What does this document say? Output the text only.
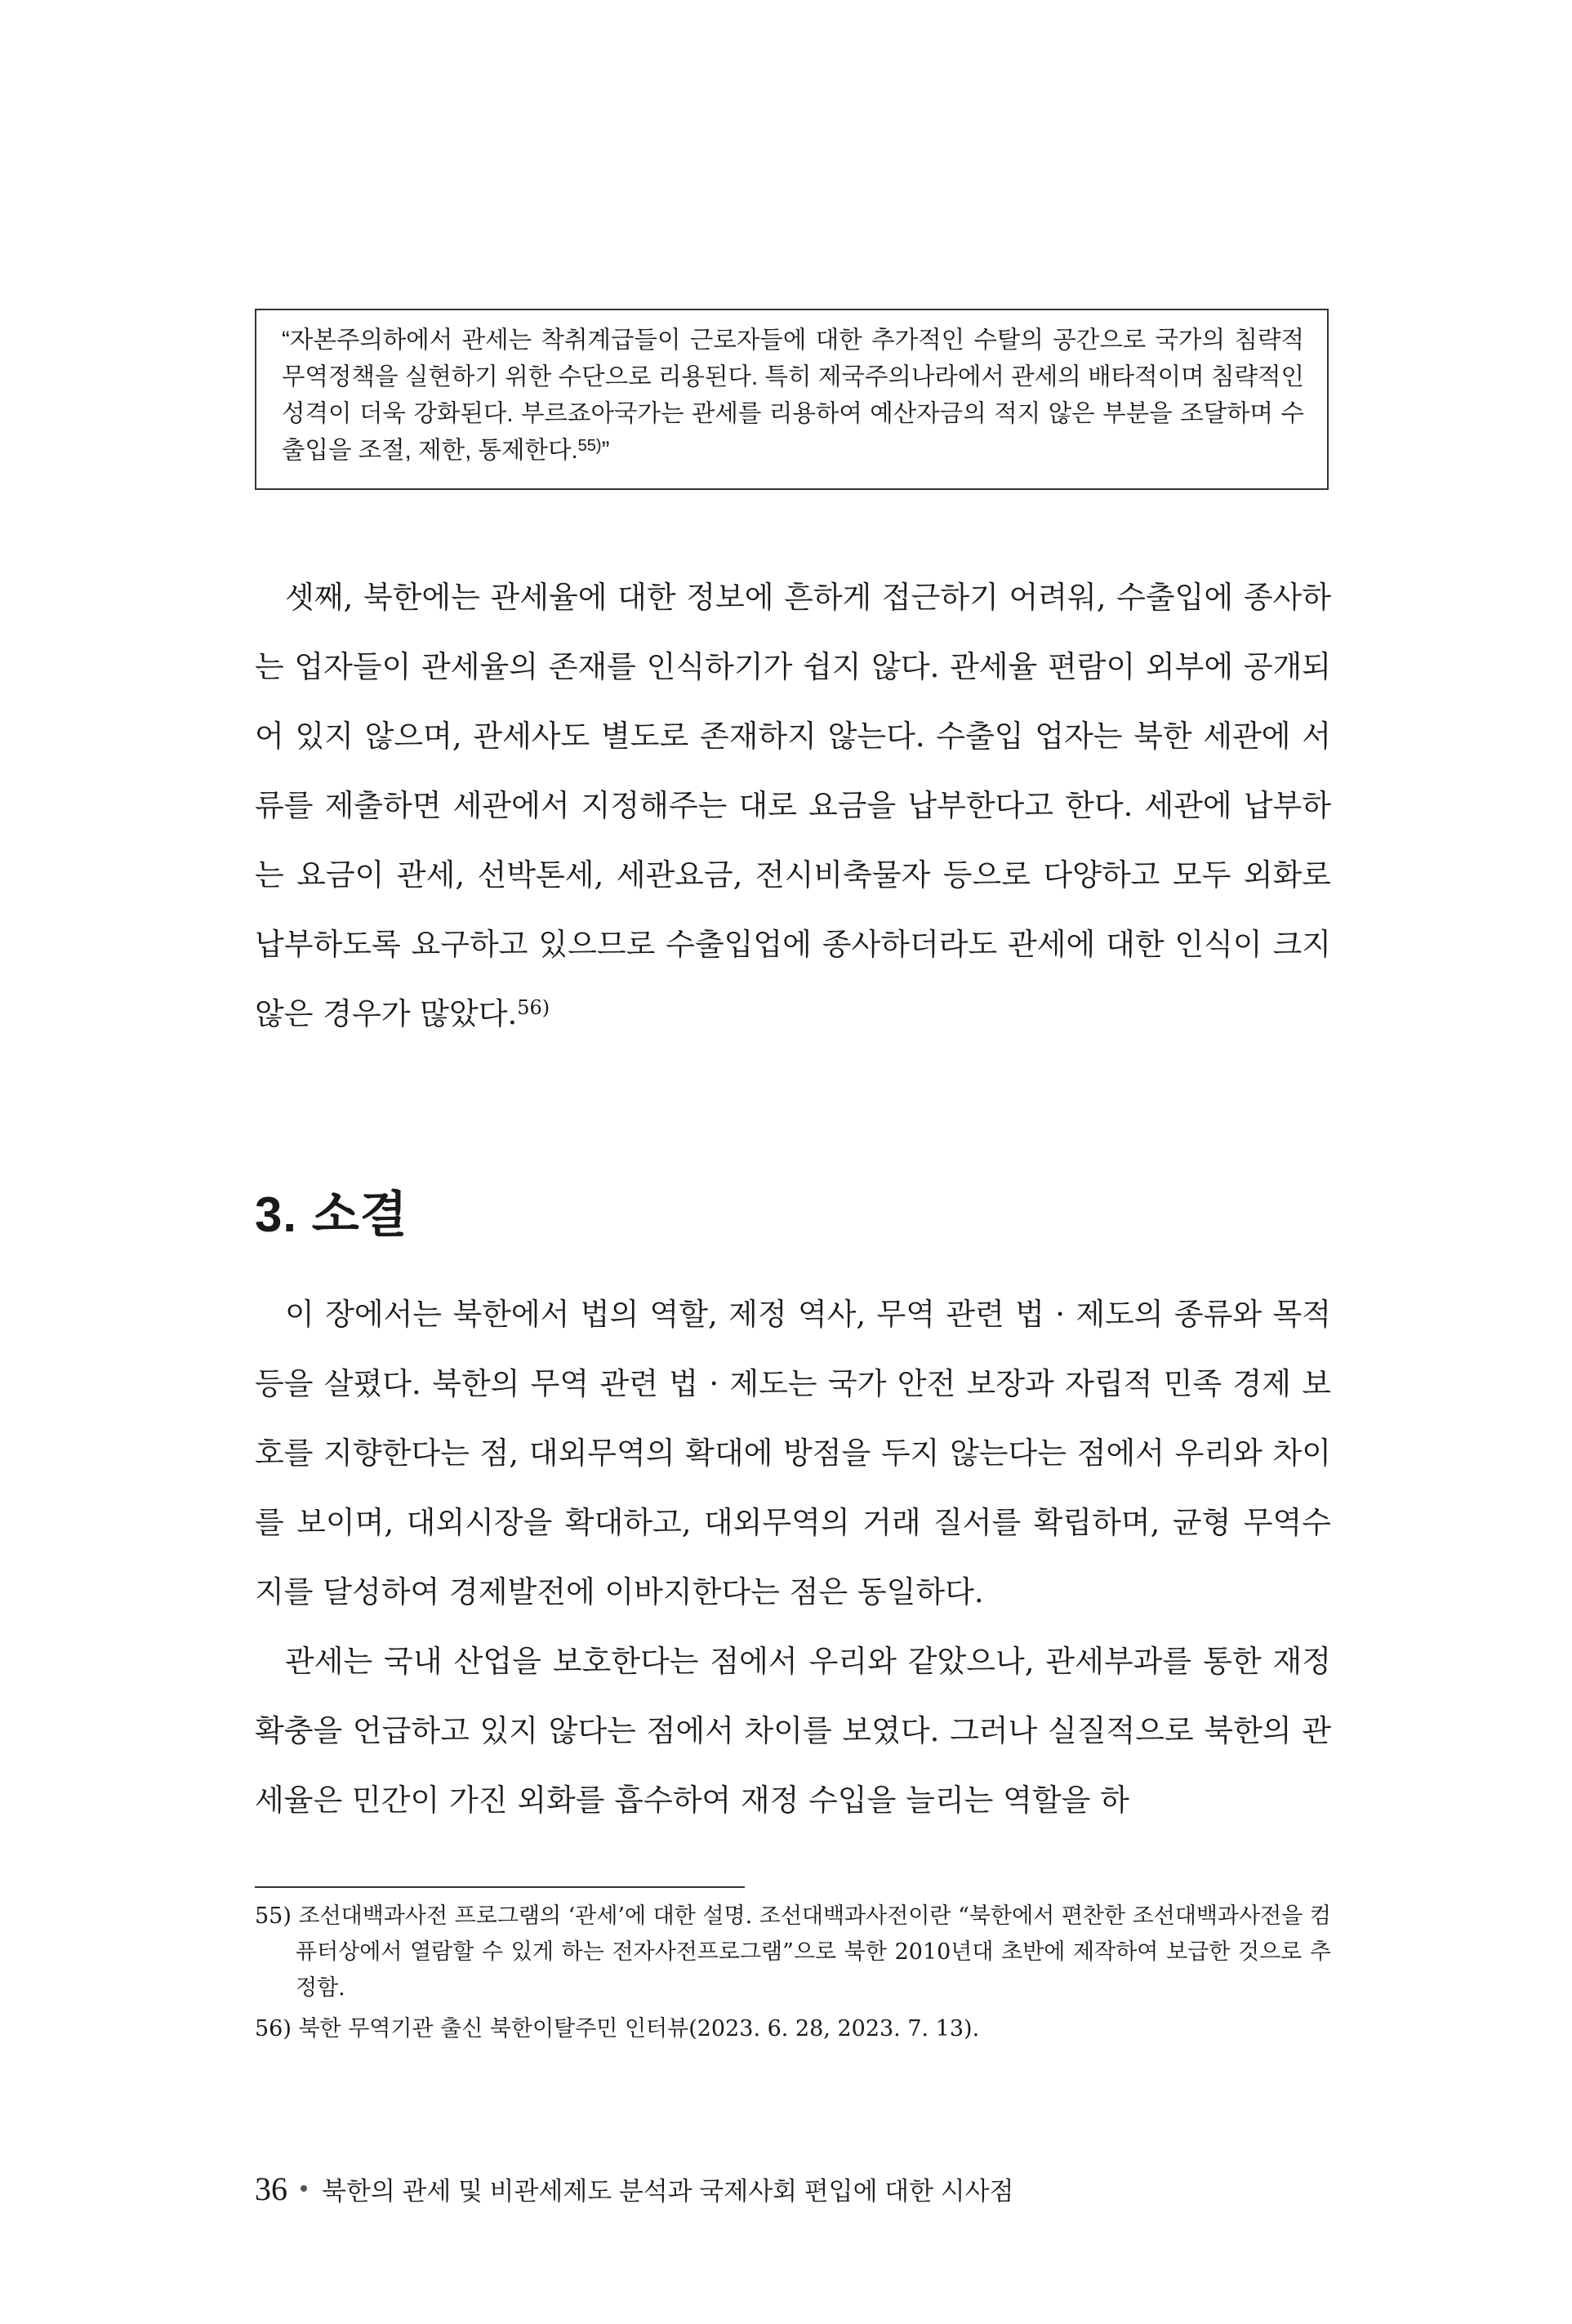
“자본주의하에서 관세는 착취계급들이 근로자들에 대한 추가적인 수탈의 공간으로 국가의 침략적 무역정책을 실현하기 위한 수단으로 리용된다. 특히 제국주의나라에서 관세의 배타적이며 침략적인 성격이 더욱 강화된다. 부르죠아국가는 관세를 리용하여 예산자금의 적지 않은 부분을 조달하며 수출입을 조절, 제한, 통제한다.$^{55)}$”

셋째, 북한에는 관세율에 대한 정보에 흔하게 접근하기 어려워, 수출입에 종사하는 업자들이 관세율의 존재를 인식하기가 쉽지 않다. 관세율 편람이 외부에 공개되어 있지 않으며, 관세사도 별도로 존재하지 않는다. 수출입 업자는 북한 세관에 서류를 제출하면 세관에서 지정해주는 대로 요금을 납부한다고 한다. 세관에 납부하는 요금이 관세, 선박톤세, 세관요금, 전시비축물자 등으로 다양하고 모두 외화로 납부하도록 요구하고 있으므로 수출입업에 종사하더라도 관세에 대한 인식이 크지 않은 경우가 많았다.$^{56)}$

3. 소결

이 장에서는 북한에서 법의 역할, 제정 역사, 무역 관련 법 · 제도의 종류와 목적 등을 살폈다. 북한의 무역 관련 법 · 제도는 국가 안전 보장과 자립적 민족 경제 보호를 지향한다는 점, 대외무역의 확대에 방점을 두지 않는다는 점에서 우리와 차이를 보이며, 대외시장을 확대하고, 대외무역의 거래 질서를 확립하며, 균형 무역수지를 달성하여 경제발전에 이바지한다는 점은 동일하다.

관세는 국내 산업을 보호한다는 점에서 우리와 같았으나, 관세부과를 통한 재정 확충을 언급하고 있지 않다는 점에서 차이를 보였다. 그러나 실질적으로 북한의 관세율은 민간이 가진 외화를 흡수하여 재정 수입을 늘리는 역할을 하

55) 조선대백과사전 프로그램의 ‘관세’에 대한 설명. 조선대백과사전이란 “북한에서 편찬한 조선대백과사전을 컴퓨터상에서 열람할 수 있게 하는 전자사전프로그램”으로 북한 2010년대 초반에 제작하여 보급한 것으로 추정함.

56) 북한 무역기관 출신 북한이탈주민 인터뷰(2023. 6. 28, 2023. 7. 13).

36 북한의 관세 및 비관세제도 분석과 국제사회 편입에 대한 시사점
